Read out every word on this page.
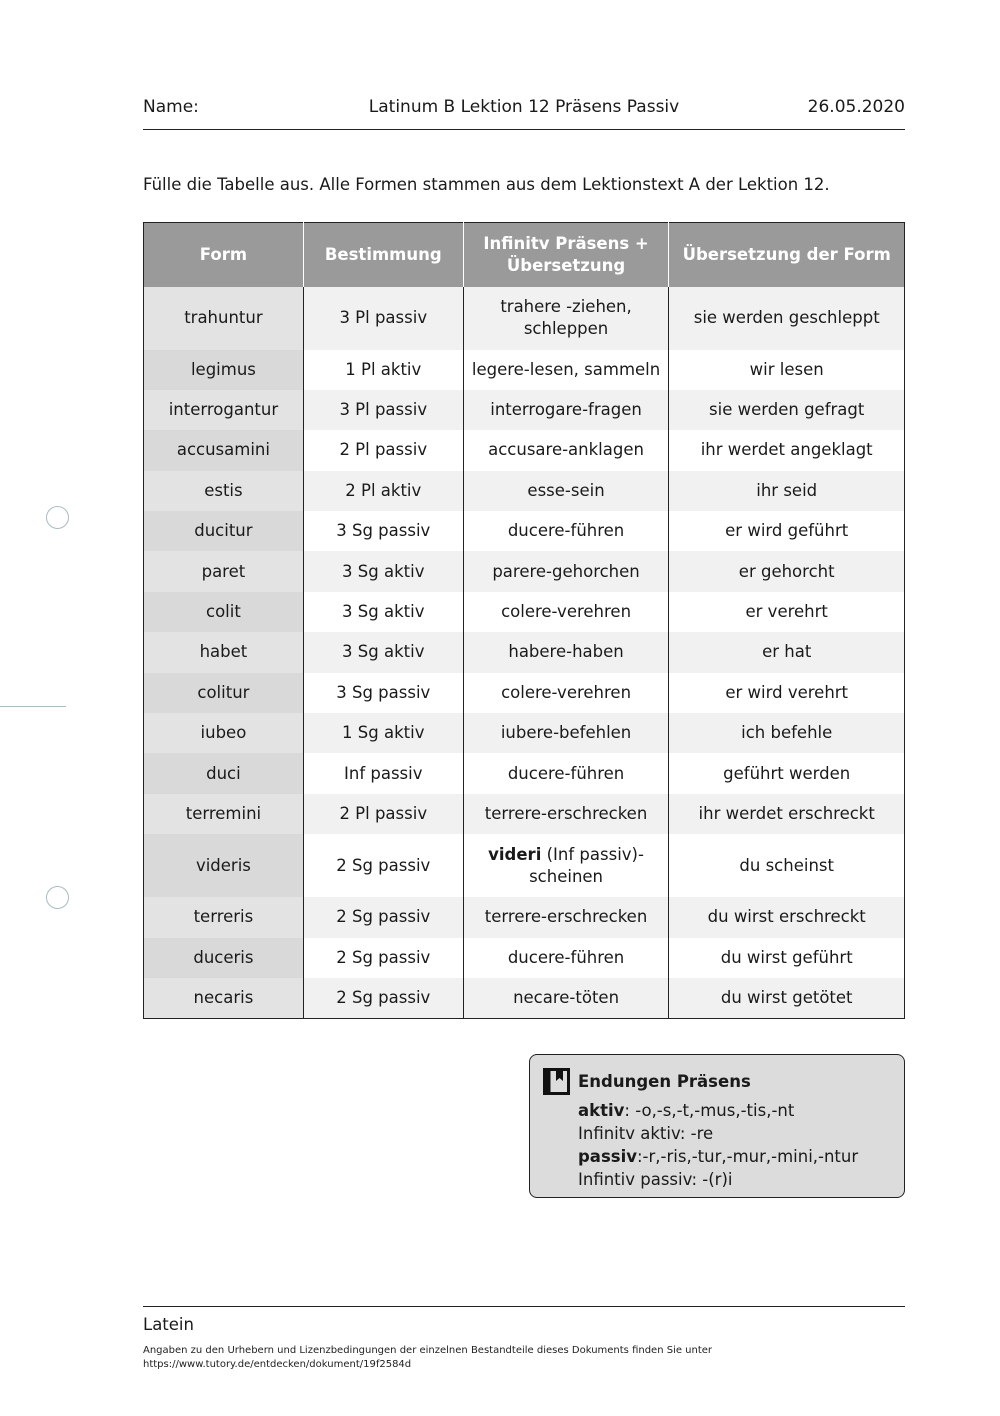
Name:	Latinum B Lektion 12 Präsens Passiv	26.05.2020
Fülle die Tabelle aus. Alle Formen stammen aus dem Lektionstext A der Lektion 12.
Form	Bestimmung	Infinitv Präsens + Übersetzung	Übersetzung der Form
trahuntur	3 Pl passiv	trahere -ziehen, schleppen	sie werden geschleppt
legimus	1 Pl aktiv	legere-lesen, sammeln	wir lesen
interrogantur	3 Pl passiv	interrogare-fragen	sie werden gefragt
accusamini	2 Pl passiv	accusare-anklagen	ihr werdet angeklagt
estis	2 Pl aktiv	esse-sein	ihr seid
ducitur	3 Sg passiv	ducere-führen	er wird geführt
paret	3 Sg aktiv	parere-gehorchen	er gehorcht
colit	3 Sg aktiv	colere-verehren	er verehrt
habet	3 Sg aktiv	habere-haben	er hat
colitur	3 Sg passiv	colere-verehren	er wird verehrt
iubeo	1 Sg aktiv	iubere-befehlen	ich befehle
duci	Inf passiv	ducere-führen	geführt werden
terremini	2 Pl passiv	terrere-erschrecken	ihr werdet erschreckt
videris	2 Sg passiv	videri (Inf passiv)-scheinen	du scheinst
terreris	2 Sg passiv	terrere-erschrecken	du wirst erschreckt
duceris	2 Sg passiv	ducere-führen	du wirst geführt
necaris	2 Sg passiv	necare-töten	du wirst getötet
Endungen Präsens
aktiv: -o,-s,-t,-mus,-tis,-nt
Infinitv aktiv: -re
passiv:-r,-ris,-tur,-mur,-mini,-ntur
Infintiv passiv: -(r)i
Latein
Angaben zu den Urhebern und Lizenzbedingungen der einzelnen Bestandteile dieses Dokuments finden Sie unter
https://www.tutory.de/entdecken/dokument/19f2584d
